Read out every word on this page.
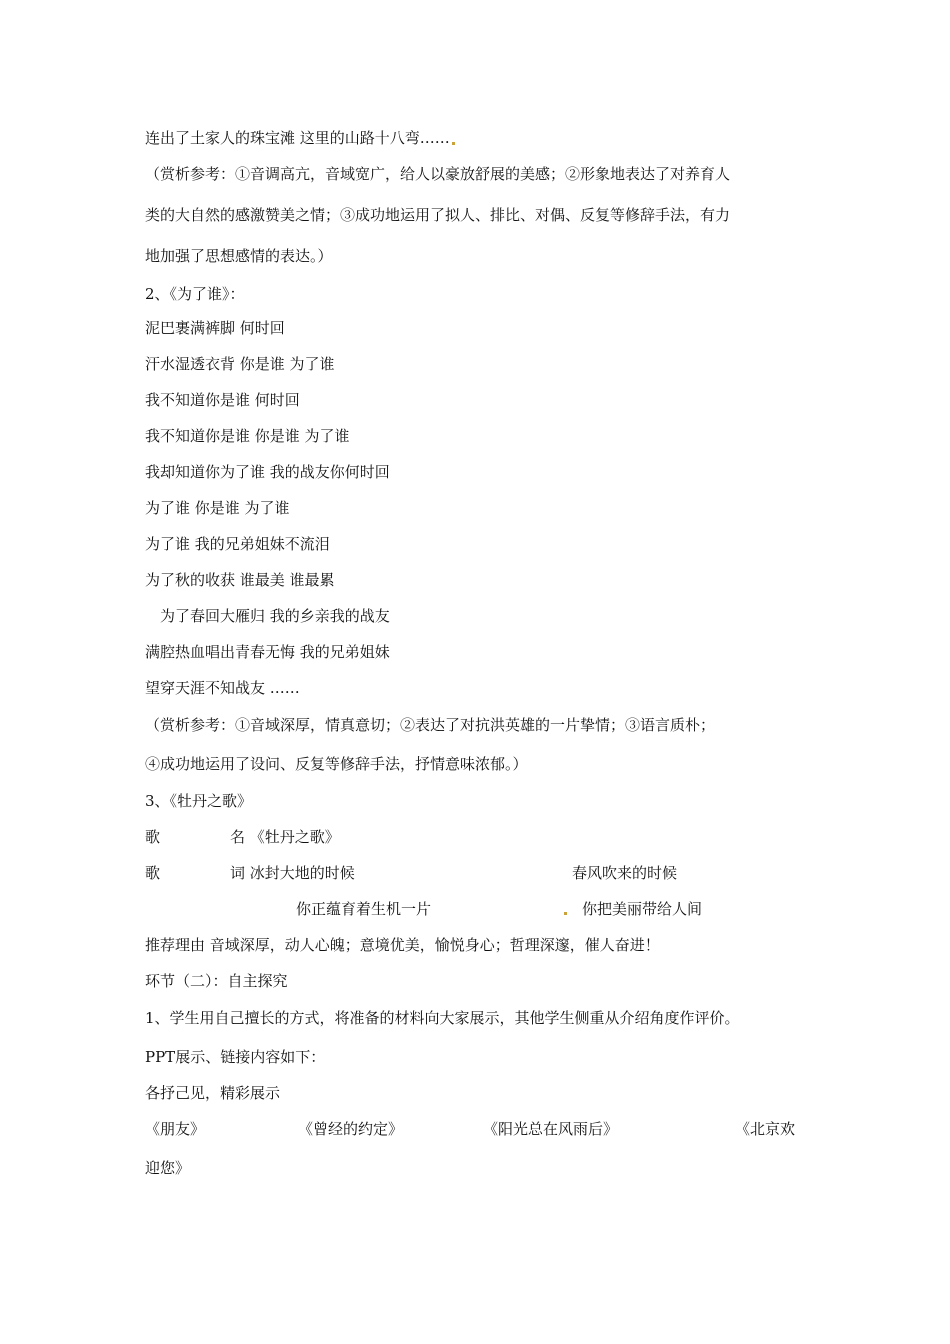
连出了土家人的珠宝滩 这里的山路十八弯……
（赏析参考：①音调高亢，音域宽广，给人以豪放舒展的美感；②形象地表达了对养育人
类的大自然的感激赞美之情；③成功地运用了拟人、排比、对偶、反复等修辞手法，有力
地加强了思想感情的表达。）
2、《为了谁》：
泥巴裹满裤脚 何时回
汗水湿透衣背 你是谁 为了谁
我不知道你是谁 何时回
我不知道你是谁 你是谁 为了谁
我却知道你为了谁 我的战友你何时回
为了谁 你是谁 为了谁
为了谁 我的兄弟姐妹不流泪
为了秋的收获 谁最美 谁最累
为了春回大雁归 我的乡亲我的战友
满腔热血唱出青春无悔 我的兄弟姐妹
望穿天涯不知战友 ……
（赏析参考：①音域深厚，情真意切；②表达了对抗洪英雄的一片挚情；③语言质朴；
④成功地运用了设问、反复等修辞手法，抒情意味浓郁。）
3、《牡丹之歌》
歌	名 《牡丹之歌》
歌	词 冰封大地的时候	春风吹来的时候
你正蕴育着生机一片	你把美丽带给人间
推荐理由 音域深厚，动人心魄；意境优美，愉悦身心；哲理深邃，催人奋进！
环节（二）：自主探究
1、学生用自己擅长的方式，将准备的材料向大家展示，其他学生侧重从介绍角度作评价。
PPT展示、链接内容如下：
各抒己见，精彩展示
《朋友》	《曾经的约定》	《阳光总在风雨后》	《北京欢
迎您》
